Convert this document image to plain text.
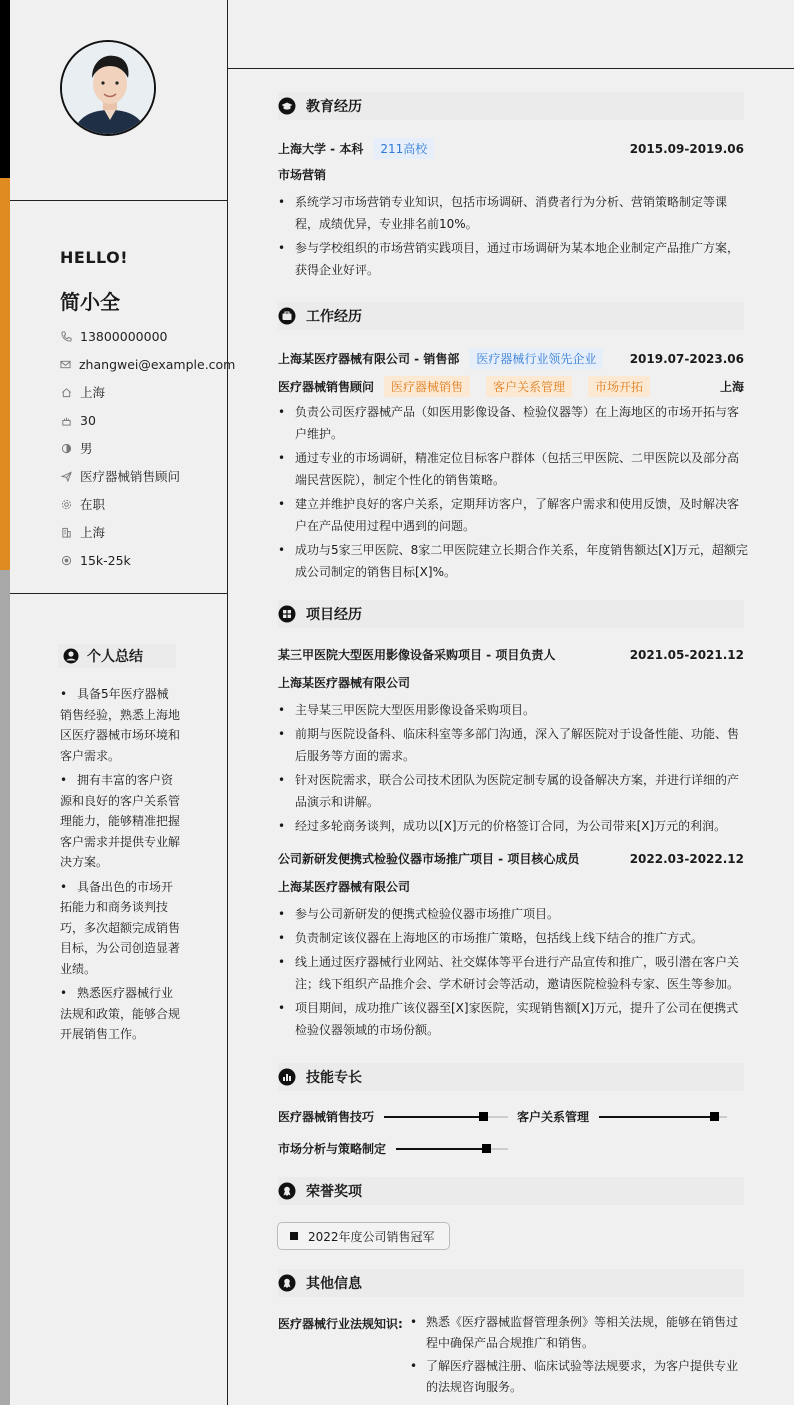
HELLO!
简小全
13800000000
zhangwei@example.com
上海
30
男
医疗器械销售顾问
在职
上海
15k-25k
个人总结
• 具备5年医疗器械销售经验，熟悉上海地区医疗器械市场环境和客户需求。
• 拥有丰富的客户资源和良好的客户关系管理能力，能够精准把握客户需求并提供专业解决方案。
• 具备出色的市场开拓能力和商务谈判技巧，多次超额完成销售目标，为公司创造显著业绩。
• 熟悉医疗器械行业法规和政策，能够合规开展销售工作。
教育经历
上海大学 - 本科	211高校	2015.09-2019.06
市场营销
• 系统学习市场营销专业知识，包括市场调研、消费者行为分析、营销策略制定等课程，成绩优异，专业排名前10%。
• 参与学校组织的市场营销实践项目，通过市场调研为某本地企业制定产品推广方案，获得企业好评。
工作经历
上海某医疗器械有限公司 - 销售部	医疗器械行业领先企业	2019.07-2023.06
医疗器械销售顾问	医疗器械销售	客户关系管理	市场开拓	上海
• 负责公司医疗器械产品（如医用影像设备、检验仪器等）在上海地区的市场开拓与客户维护。
• 通过专业的市场调研，精准定位目标客户群体（包括三甲医院、二甲医院以及部分高端民营医院），制定个性化的销售策略。
• 建立并维护良好的客户关系，定期拜访客户，了解客户需求和使用反馈，及时解决客户在产品使用过程中遇到的问题。
• 成功与5家三甲医院、8家二甲医院建立长期合作关系，年度销售额达[X]万元，超额完成公司制定的销售目标[X]%。
项目经历
某三甲医院大型医用影像设备采购项目 - 项目负责人	2021.05-2021.12
上海某医疗器械有限公司
• 主导某三甲医院大型医用影像设备采购项目。
• 前期与医院设备科、临床科室等多部门沟通，深入了解医院对于设备性能、功能、售后服务等方面的需求。
• 针对医院需求，联合公司技术团队为医院定制专属的设备解决方案，并进行详细的产品演示和讲解。
• 经过多轮商务谈判，成功以[X]万元的价格签订合同，为公司带来[X]万元的利润。
公司新研发便携式检验仪器市场推广项目 - 项目核心成员	2022.03-2022.12
上海某医疗器械有限公司
• 参与公司新研发的便携式检验仪器市场推广项目。
• 负责制定该仪器在上海地区的市场推广策略，包括线上线下结合的推广方式。
• 线上通过医疗器械行业网站、社交媒体等平台进行产品宣传和推广，吸引潜在客户关注；线下组织产品推介会、学术研讨会等活动，邀请医院检验科专家、医生等参加。
• 项目期间，成功推广该仪器至[X]家医院，实现销售额[X]万元，提升了公司在便携式检验仪器领域的市场份额。
技能专长
医疗器械销售技巧	客户关系管理
市场分析与策略制定
荣誉奖项
其他信息
2022年度公司销售冠军
医疗器械行业法规知识:
•	熟悉《医疗器械监督管理条例》等相关法规，能够在销售过程中确保产品合规推广和销售。
• 了解医疗器械注册、临床试验等法规要求，为客户提供专业的法规咨询服务。
